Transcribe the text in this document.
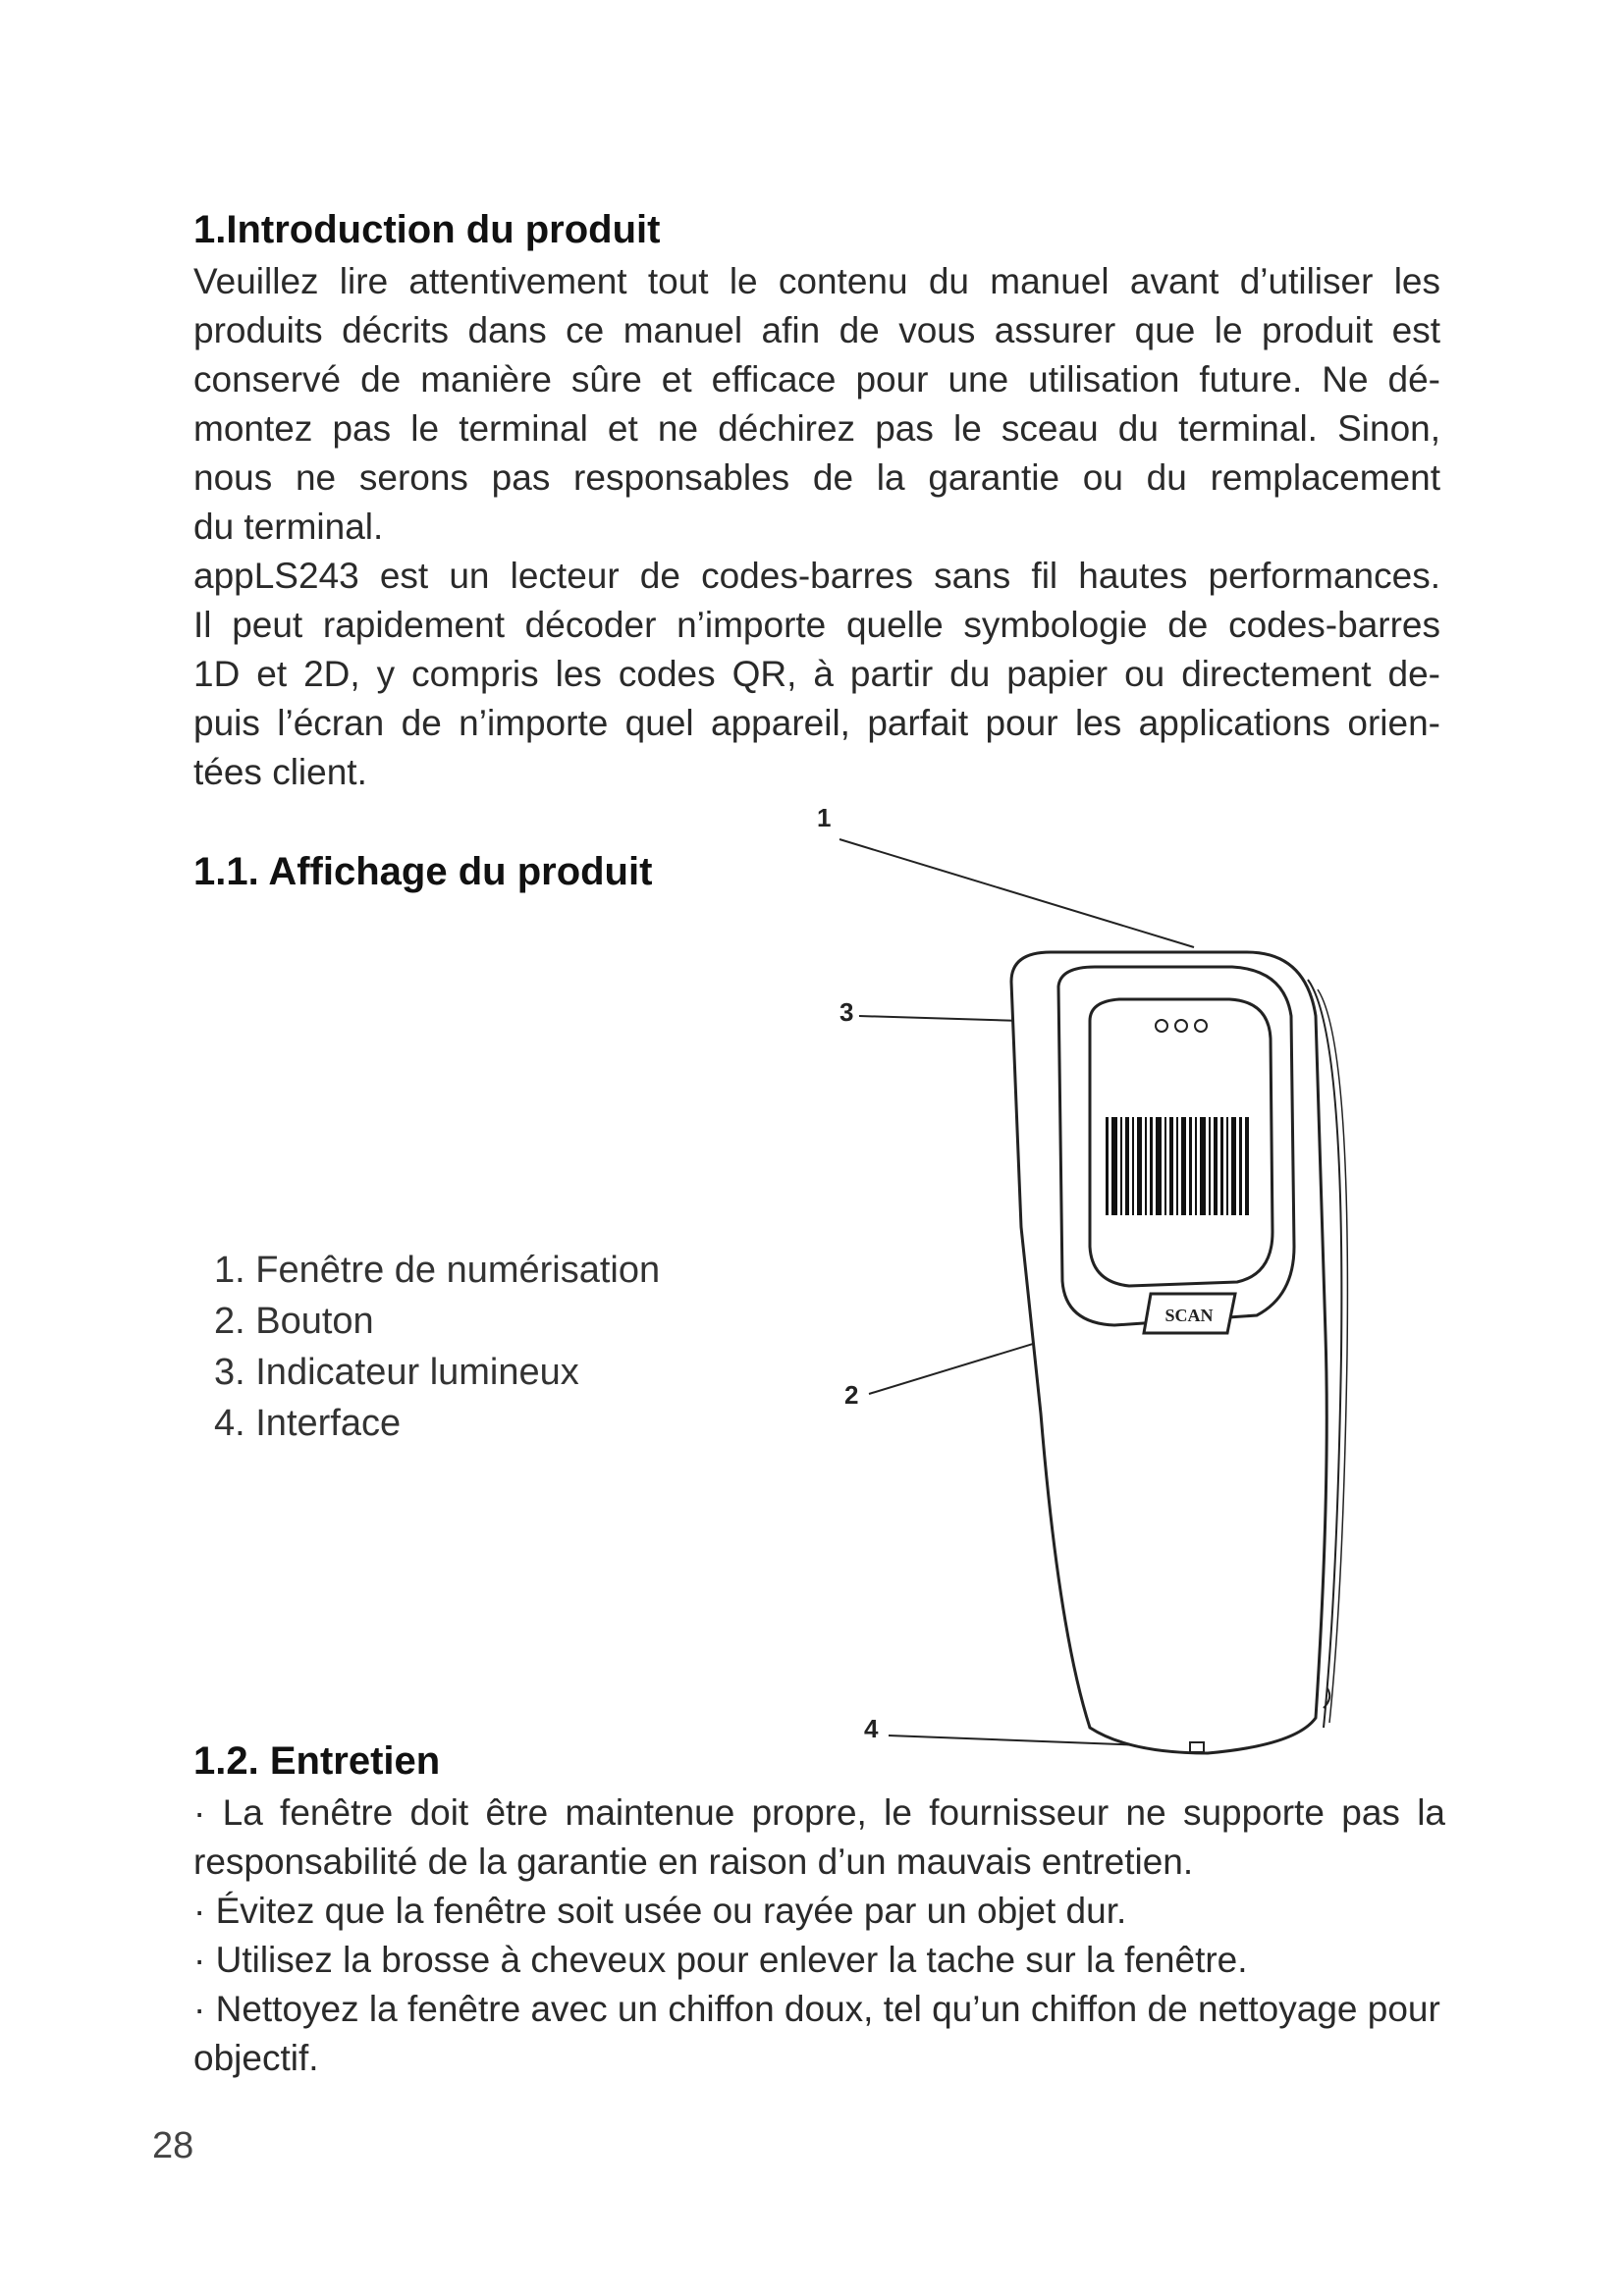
1.Introduction du produit
Veuillez lire attentivement tout le contenu du manuel avant d’utiliser les
produits décrits dans ce manuel afin de vous assurer que le produit est
conservé de manière sûre et efficace pour une utilisation future. Ne dé-
montez pas le terminal et ne déchirez pas le sceau du terminal. Sinon,
nous ne serons pas responsables de la garantie ou du remplacement
du terminal.
appLS243 est un lecteur de codes-barres sans fil hautes performances.
Il peut rapidement décoder n’importe quelle symbologie de codes-barres
1D et 2D, y compris les codes QR, à partir du papier ou directement de-
puis l’écran de n’importe quel appareil, parfait pour les applications orien-
tées client.
1.1. Affichage du produit
1. Fenêtre de numérisation
2. Bouton
3. Indicateur lumineux
4. Interface
1
3
2
4
SCAN
1.2. Entretien
· La fenêtre doit être maintenue propre, le fournisseur ne supporte pas la responsabilité de la garantie en raison d’un mauvais entretien.
· Évitez que la fenêtre soit usée ou rayée par un objet dur.
· Utilisez la brosse à cheveux pour enlever la tache sur la fenêtre.
· Nettoyez la fenêtre avec un chiffon doux, tel qu’un chiffon de nettoyage pour objectif.
28
